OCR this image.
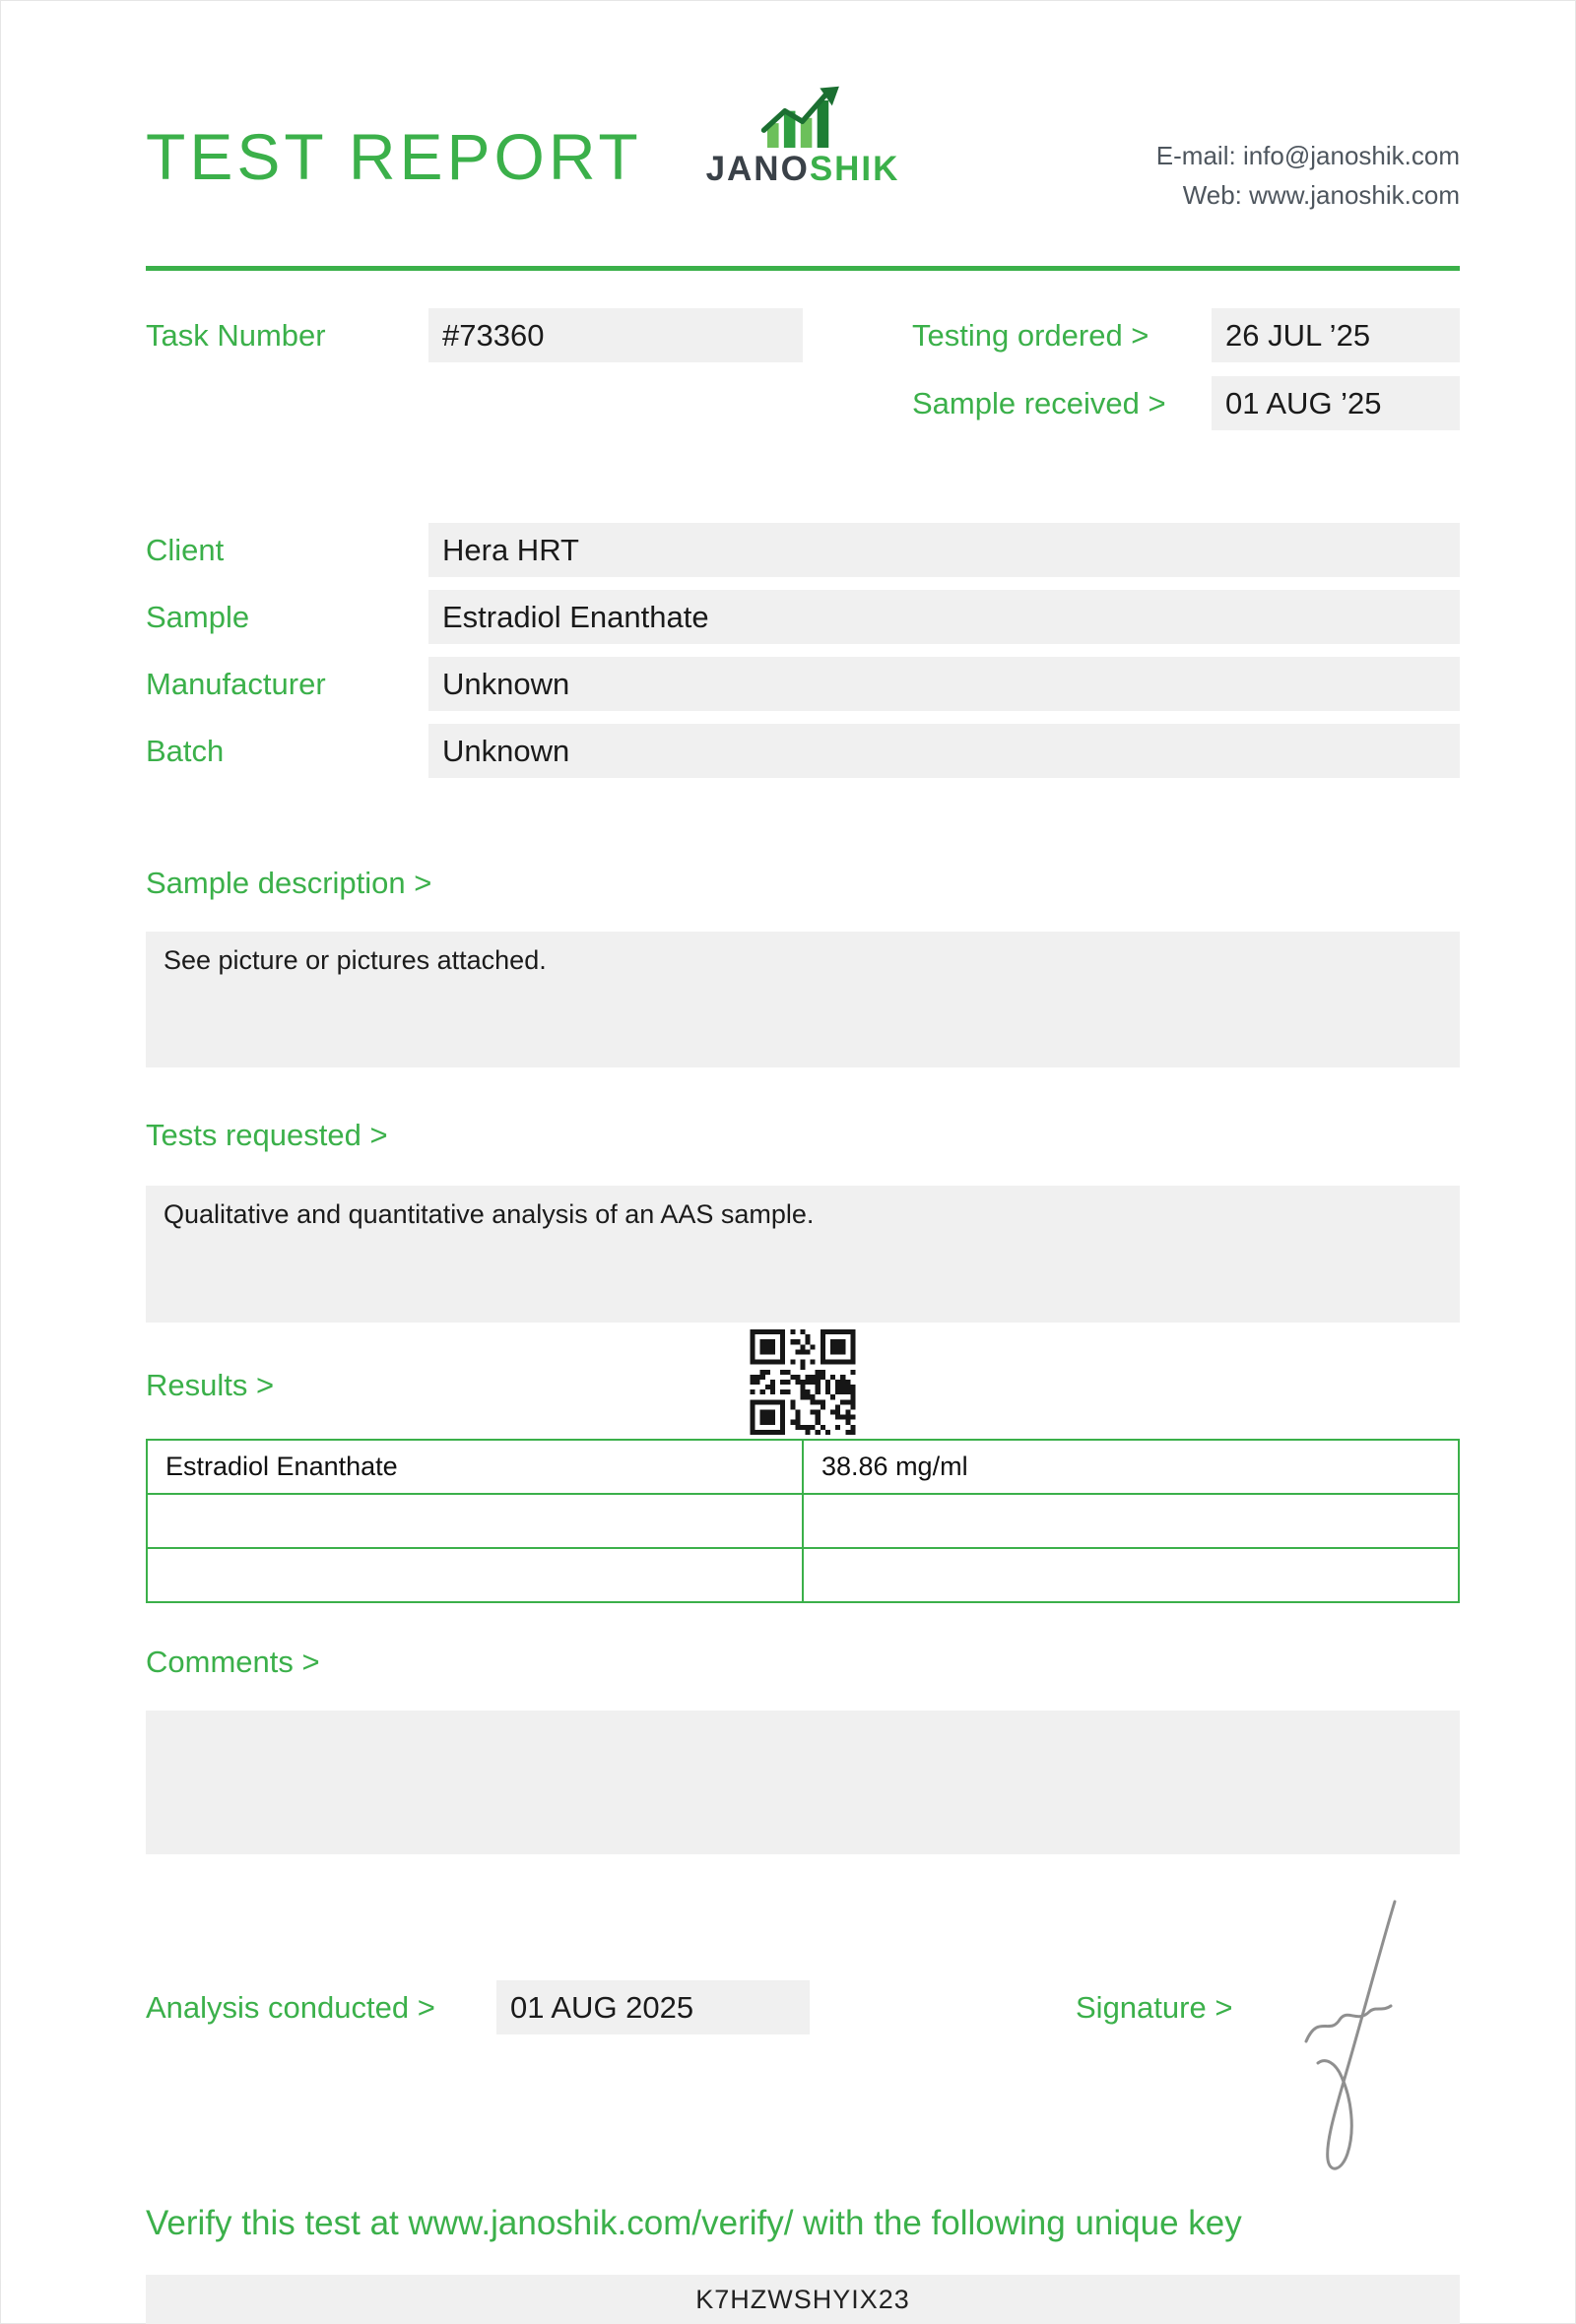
TEST REPORT JANOSHIK	E-mail: info@janoshik.com
Web: www.janoshik.com
Task Number	#73360	Testing ordered >	26 JUL ’25
Sample received >	01 AUG ’25
Client	Hera HRT
Sample	Estradiol Enanthate
Manufacturer	Unknown
Batch	Unknown
Sample description >
See picture or pictures attached.
Tests requested >
Qualitative and quantitative analysis of an AAS sample.
Results >
Estradiol Enanthate	38.86 mg/ml

Comments >
Analysis conducted >	01 AUG 2025	Signature >
Verify this test at www.janoshik.com/verify/ with the following unique key
K7HZWSHYIX23
